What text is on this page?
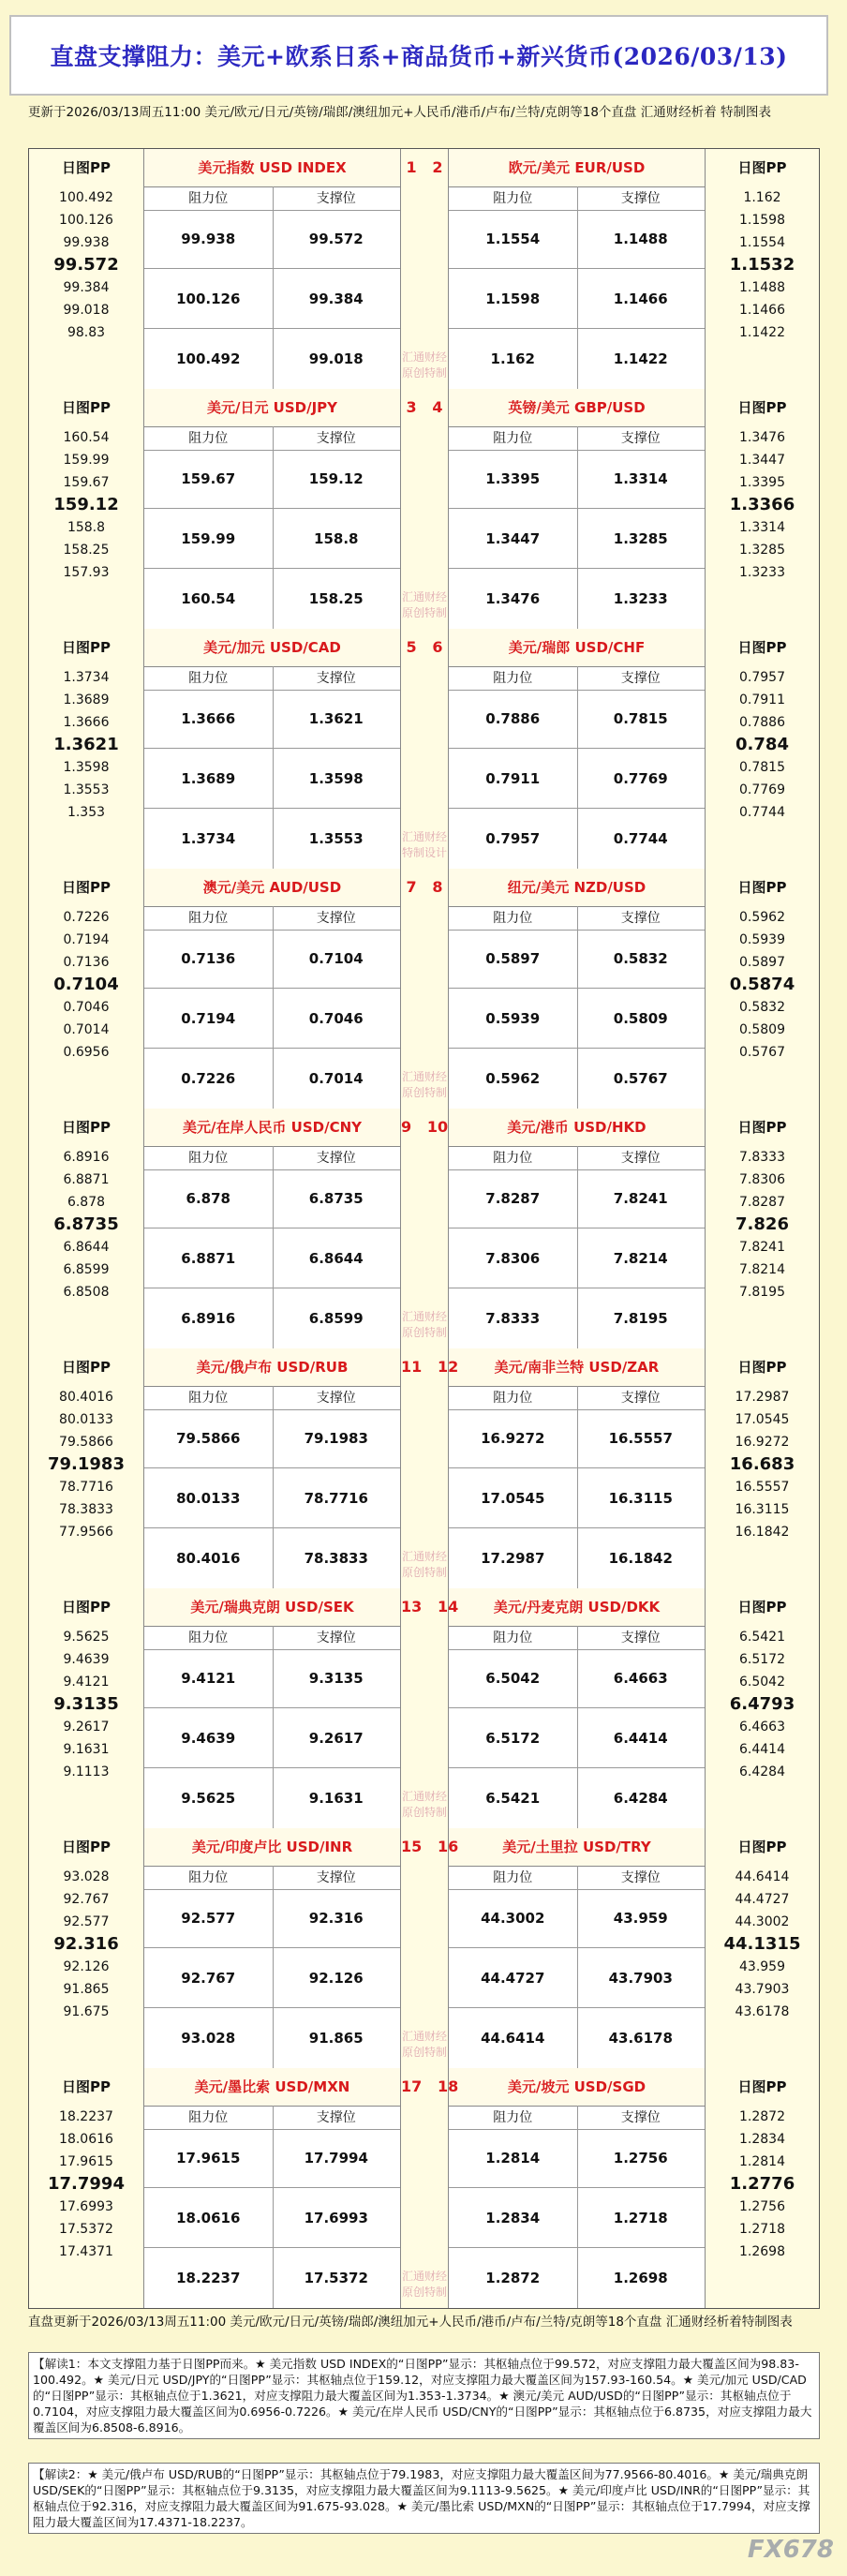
直盘支撑阻力：美元+欧系日系+商品货币+新兴货币(2026/03/13)
更新于2026/03/13周五11:00 美元/欧元/日元/英镑/瑞郎/澳纽加元+人民币/港币/卢布/兰特/克朗等18个直盘 汇通财经析着 特制图表
日图PP
100.492
100.126
99.938
99.572
99.384
99.018
98.83
美元指数 USD INDEX
阻力位	支撑位
99.938	99.572
100.126	99.384
100.492	99.018
欧元/美元 EUR/USD
阻力位	支撑位
1.1554	1.1488
1.1598	1.1466
1.162	1.1422
1 2
汇通财经原创特制
日图PP
1.162
1.1598
1.1554
1.1532
1.1488
1.1466
1.1422
日图PP
160.54
159.99
159.67
159.12
158.8
158.25
157.93
美元/日元 USD/JPY
阻力位	支撑位
159.67	159.12
159.99	158.8
160.54	158.25
英镑/美元 GBP/USD
阻力位	支撑位
1.3395	1.3314
1.3447	1.3285
1.3476	1.3233
3 4
汇通财经原创特制
日图PP
1.3476
1.3447
1.3395
1.3366
1.3314
1.3285
1.3233
日图PP
1.3734
1.3689
1.3666
1.3621
1.3598
1.3553
1.353
美元/加元 USD/CAD
阻力位	支撑位
1.3666	1.3621
1.3689	1.3598
1.3734	1.3553
美元/瑞郎 USD/CHF
阻力位	支撑位
0.7886	0.7815
0.7911	0.7769
0.7957	0.7744
5 6
汇通财经特制设计
日图PP
0.7957
0.7911
0.7886
0.784
0.7815
0.7769
0.7744
日图PP
0.7226
0.7194
0.7136
0.7104
0.7046
0.7014
0.6956
澳元/美元 AUD/USD
阻力位	支撑位
0.7136	0.7104
0.7194	0.7046
0.7226	0.7014
纽元/美元 NZD/USD
阻力位	支撑位
0.5897	0.5832
0.5939	0.5809
0.5962	0.5767
7 8
汇通财经原创特制
日图PP
0.5962
0.5939
0.5897
0.5874
0.5832
0.5809
0.5767
日图PP
6.8916
6.8871
6.878
6.8735
6.8644
6.8599
6.8508
美元/在岸人民币 USD/CNY
阻力位	支撑位
6.878	6.8735
6.8871	6.8644
6.8916	6.8599
美元/港币 USD/HKD
阻力位	支撑位
7.8287	7.8241
7.8306	7.8214
7.8333	7.8195
9 10
汇通财经原创特制
日图PP
7.8333
7.8306
7.8287
7.826
7.8241
7.8214
7.8195
日图PP
80.4016
80.0133
79.5866
79.1983
78.7716
78.3833
77.9566
美元/俄卢布 USD/RUB
阻力位	支撑位
79.5866	79.1983
80.0133	78.7716
80.4016	78.3833
美元/南非兰特 USD/ZAR
阻力位	支撑位
16.9272	16.5557
17.0545	16.3115
17.2987	16.1842
11 12
汇通财经原创特制
日图PP
17.2987
17.0545
16.9272
16.683
16.5557
16.3115
16.1842
日图PP
9.5625
9.4639
9.4121
9.3135
9.2617
9.1631
9.1113
美元/瑞典克朗 USD/SEK
阻力位	支撑位
9.4121	9.3135
9.4639	9.2617
9.5625	9.1631
美元/丹麦克朗 USD/DKK
阻力位	支撑位
6.5042	6.4663
6.5172	6.4414
6.5421	6.4284
13 14
汇通财经原创特制
日图PP
6.5421
6.5172
6.5042
6.4793
6.4663
6.4414
6.4284
日图PP
93.028
92.767
92.577
92.316
92.126
91.865
91.675
美元/印度卢比 USD/INR
阻力位	支撑位
92.577	92.316
92.767	92.126
93.028	91.865
美元/土里拉 USD/TRY
阻力位	支撑位
44.3002	43.959
44.4727	43.7903
44.6414	43.6178
15 16
汇通财经原创特制
日图PP
44.6414
44.4727
44.3002
44.1315
43.959
43.7903
43.6178
日图PP
18.2237
18.0616
17.9615
17.7994
17.6993
17.5372
17.4371
美元/墨比索 USD/MXN
阻力位	支撑位
17.9615	17.7994
18.0616	17.6993
18.2237	17.5372
美元/坡元 USD/SGD
阻力位	支撑位
1.2814	1.2756
1.2834	1.2718
1.2872	1.2698
17 18
汇通财经原创特制
日图PP
1.2872
1.2834
1.2814
1.2776
1.2756
1.2718
1.2698
直盘更新于2026/03/13周五11:00 美元/欧元/日元/英镑/瑞郎/澳纽加元+人民币/港币/卢布/兰特/克朗等18个直盘 汇通财经析着特制图表
【解读1：本文支撑阻力基于日图PP而来。★ 美元指数 USD INDEX的“日图PP”显示：其枢轴点位于99.572，对应支撑阻力最大覆盖区间为98.83-100.492。★ 美元/日元 USD/JPY的“日图PP”显示：其枢轴点位于159.12，对应支撑阻力最大覆盖区间为157.93-160.54。★ 美元/加元 USD/CAD的“日图PP”显示：其枢轴点位于1.3621，对应支撑阻力最大覆盖区间为1.353-1.3734。★ 澳元/美元 AUD/USD的“日图PP”显示：其枢轴点位于0.7104，对应支撑阻力最大覆盖区间为0.6956-0.7226。★ 美元/在岸人民币 USD/CNY的“日图PP”显示：其枢轴点位于6.8735，对应支撑阻力最大覆盖区间为6.8508-6.8916。
【解读2：★ 美元/俄卢布 USD/RUB的“日图PP”显示：其枢轴点位于79.1983，对应支撑阻力最大覆盖区间为77.9566-80.4016。★ 美元/瑞典克朗 USD/SEK的“日图PP”显示：其枢轴点位于9.3135，对应支撑阻力最大覆盖区间为9.1113-9.5625。★ 美元/印度卢比 USD/INR的“日图PP”显示：其枢轴点位于92.316，对应支撑阻力最大覆盖区间为91.675-93.028。★ 美元/墨比索 USD/MXN的“日图PP”显示：其枢轴点位于17.7994，对应支撑阻力最大覆盖区间为17.4371-18.2237。
FX678
